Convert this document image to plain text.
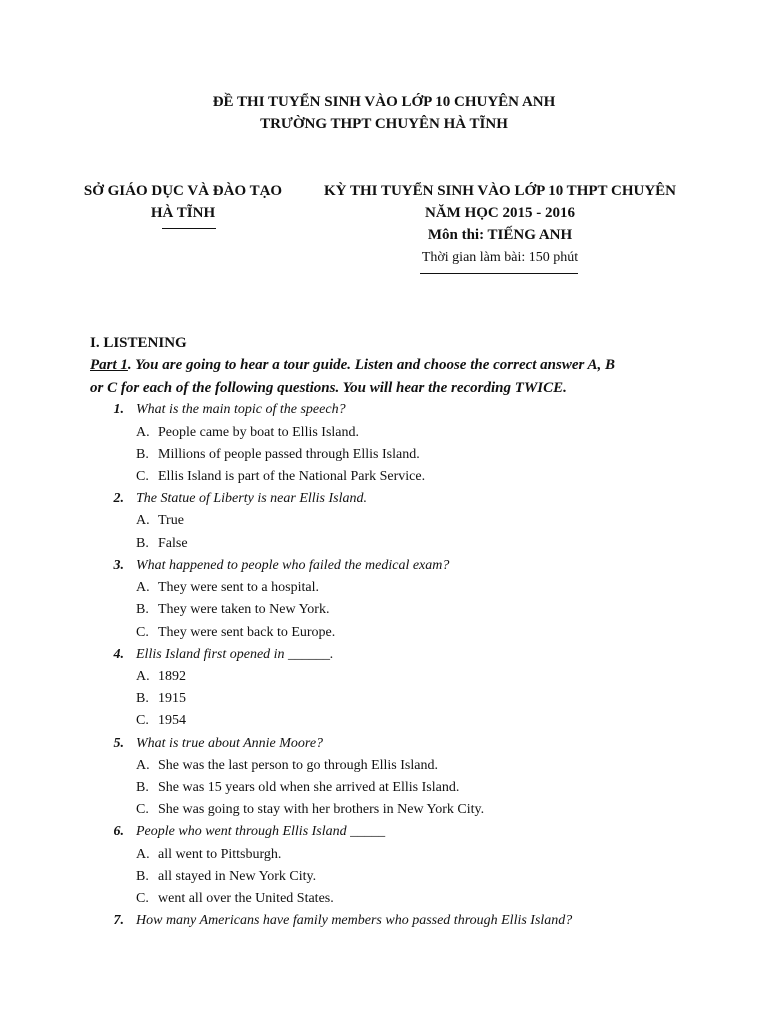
ĐỀ THI TUYỂN SINH VÀO LỚP 10 CHUYÊN ANH
TRƯỜNG THPT CHUYÊN HÀ TĨNH
SỞ GIÁO DỤC VÀ ĐÀO TẠO
HÀ TĨNH
KỲ THI TUYỂN SINH VÀO LỚP 10 THPT CHUYÊN
NĂM HỌC 2015 - 2016
Môn thi: TIẾNG ANH
Thời gian làm bài: 150 phút
I. LISTENING
Part 1. You are going to hear a tour guide. Listen and choose the correct answer A, B
or C for each of the following questions. You will hear the recording TWICE.
1. What is the main topic of the speech?
A. People came by boat to Ellis Island.
B. Millions of people passed through Ellis Island.
C. Ellis Island is part of the National Park Service.
2. The Statue of Liberty is near Ellis Island.
A. True
B. False
3. What happened to people who failed the medical exam?
A. They were sent to a hospital.
B. They were taken to New York.
C. They were sent back to Europe.
4. Ellis Island first opened in ______.
A. 1892
B. 1915
C. 1954
5. What is true about Annie Moore?
A. She was the last person to go through Ellis Island.
B. She was 15 years old when she arrived at Ellis Island.
C. She was going to stay with her brothers in New York City.
6. People who went through Ellis Island _____
A. all went to Pittsburgh.
B. all stayed in New York City.
C. went all over the United States.
7. How many Americans have family members who passed through Ellis Island?
